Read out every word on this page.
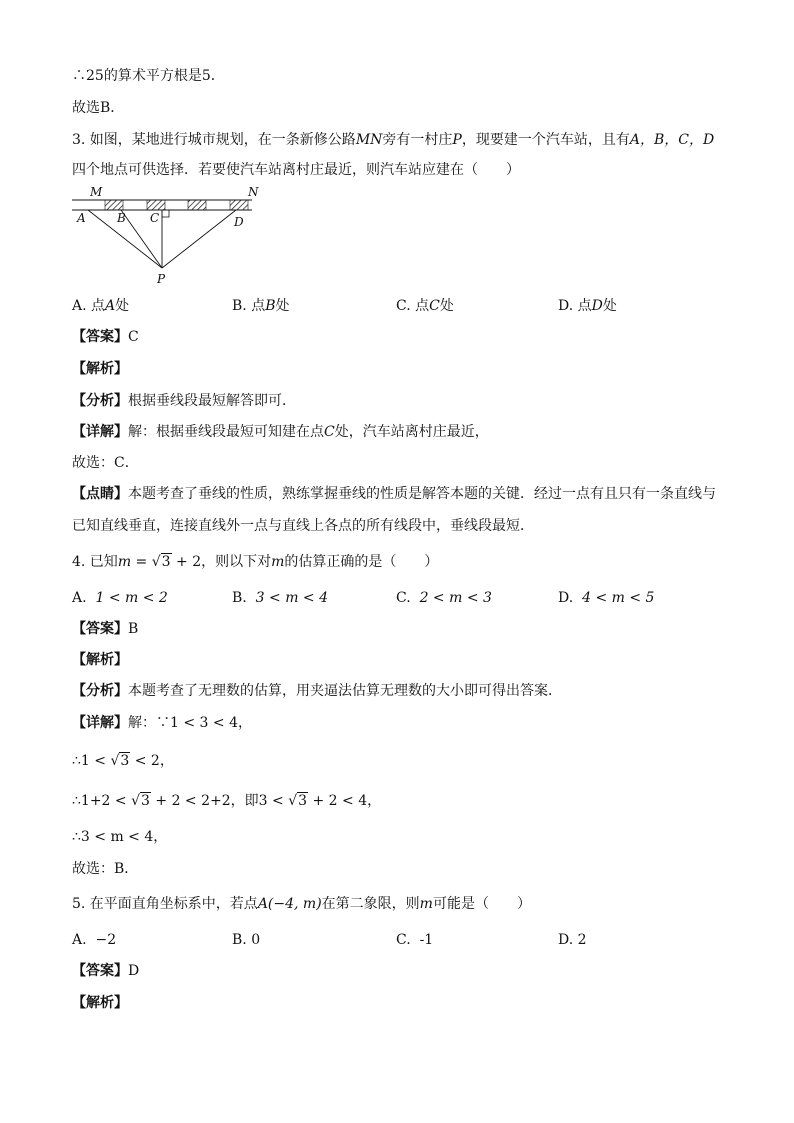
∴25的算术平方根是5．
故选B．
3. 如图，某地进行城市规划，在一条新修公路MN旁有一村庄P，现要建一个汽车站，且有A，B，C，D
四个地点可供选择．若要使汽车站离村庄最近，则汽车站应建在（　　）
M	N
A	B C	D
P
A. 点A处	B. 点B处	C. 点C处	D. 点D处
【答案】C
【解析】
【分析】根据垂线段最短解答即可．
【详解】解：根据垂线段最短可知建在点C处，汽车站离村庄最近，
故选：C．
【点睛】本题考查了垂线的性质，熟练掌握垂线的性质是解答本题的关键．经过一点有且只有一条直线与
已知直线垂直，连接直线外一点与直线上各点的所有线段中，垂线段最短．
4. 已知m = √3 + 2，则以下对m的估算正确的是（　　）
A. 1 < m < 2	B. 3 < m < 4	C. 2 < m < 3	D. 4 < m < 5
【答案】B
【解析】
【分析】本题考查了无理数的估算，用夹逼法估算无理数的大小即可得出答案．
【详解】解：∵1 < 3 < 4，
∴1 < √3 < 2，
∴1+2 < √3 + 2 < 2+2，即3 < √3 + 2 < 4，
∴3 < m < 4，
故选：B．
5. 在平面直角坐标系中，若点A(−4, m)在第二象限，则m可能是（　　）
A. −2	B. 0	C. -1	D. 2
【答案】D
【解析】
